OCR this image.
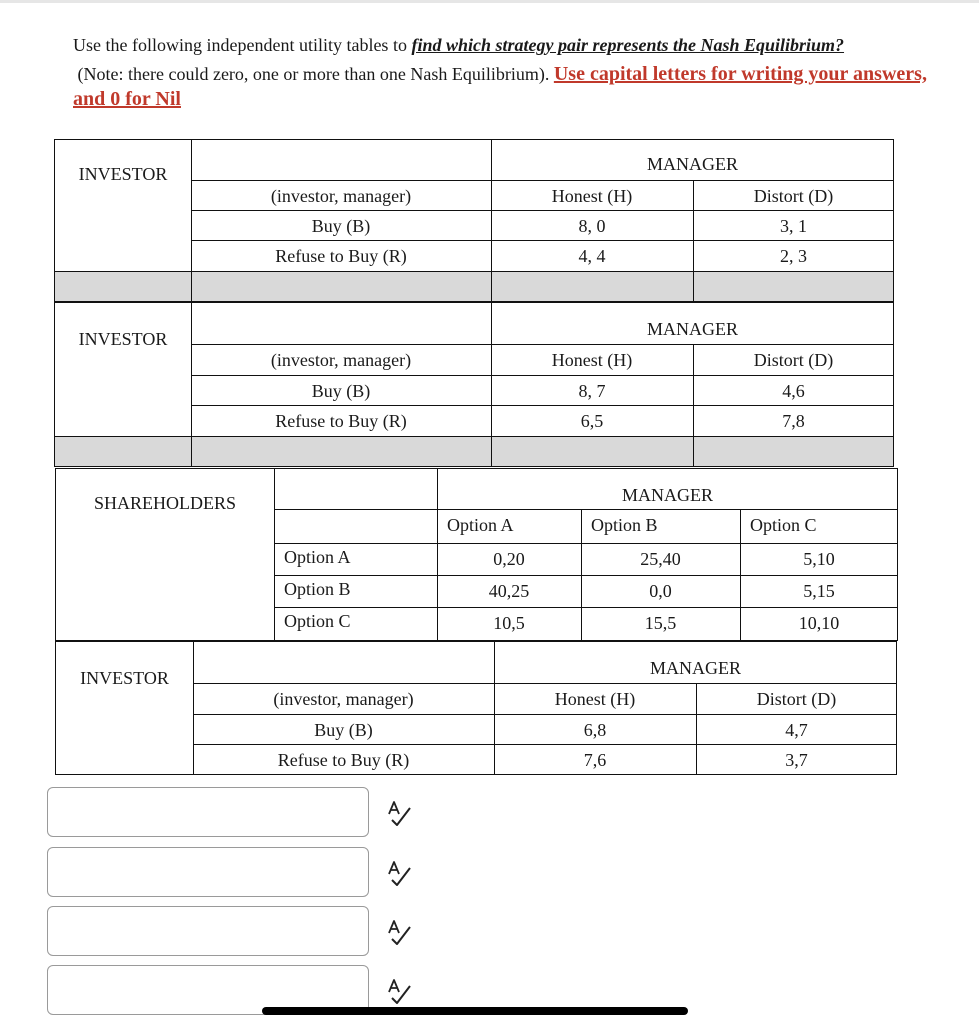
Use the following independent utility tables to find which strategy pair represents the Nash Equilibrium?
(Note: there could zero, one or more than one Nash Equilibrium). Use capital letters for writing your answers, and 0 for Nil
INVESTOR	MANAGER
(investor, manager)	Honest (H)	Distort (D)
Buy (B)	8, 0	3, 1
Refuse to Buy (R)	4, 4	2, 3
INVESTOR	MANAGER
(investor, manager)	Honest (H)	Distort (D)
Buy (B)	8, 7	4,6
Refuse to Buy (R)	6,5	7,8
SHAREHOLDERS	MANAGER
Option A	Option B	Option C
Option A	0,20	25,40	5,10
Option B	40,25	0,0	5,15
Option C	10,5	15,5	10,10
INVESTOR	MANAGER
(investor, manager)	Honest (H)	Distort (D)
Buy (B)	6,8	4,7
Refuse to Buy (R)	7,6	3,7
